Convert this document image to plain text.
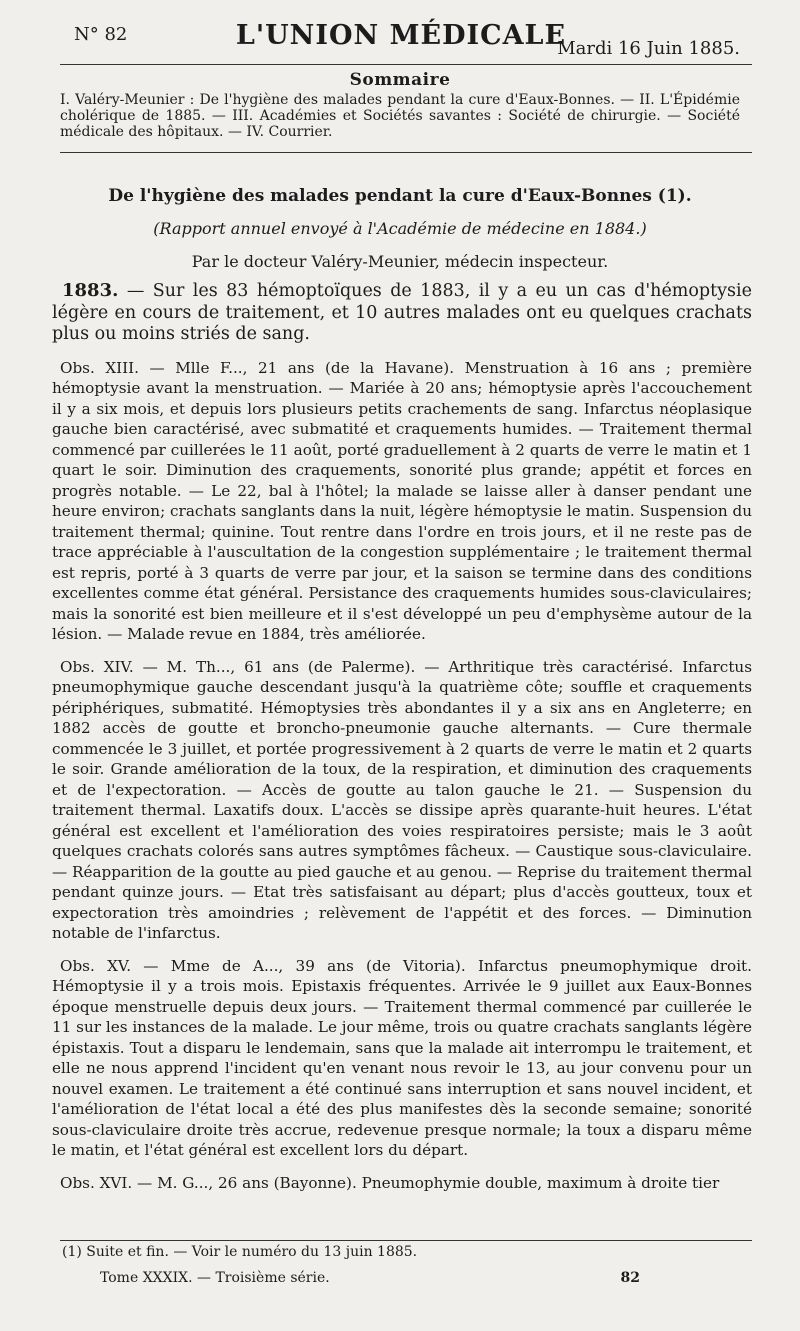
N° 82	L'UNION MÉDICALE
Mardi 16 Juin 1885.
Sommaire
I. Valéry-Meunier : De l'hygiène des malades pendant la cure d'Eaux-Bonnes. — II. L'Épidémie cholérique de 1885. — III. Académies et Sociétés savantes : Société de chirurgie. — Société médicale des hôpitaux. — IV. Courrier.
De l'hygiène des malades pendant la cure d'Eaux-Bonnes (1).
(Rapport annuel envoyé à l'Académie de médecine en 1884.)
Par le docteur Valéry-Meunier, médecin inspecteur.

1883. — Sur les 83 hémoptoïques de 1883, il y a eu un cas d'hémoptysie légère en cours de traitement, et 10 autres malades ont eu quelques crachats plus ou moins striés de sang.

Obs. XIII. — Mlle F..., 21 ans (de la Havane). Menstruation à 16 ans ; première hémoptysie avant la menstruation. — Mariée à 20 ans; hémoptysie après l'accouchement il y a six mois, et depuis lors plusieurs petits crachements de sang. Infarctus néoplasique gauche bien caractérisé, avec submatité et craquements humides. — Traitement thermal commencé par cuillerées le 11 août, porté graduellement à 2 quarts de verre le matin et 1 quart le soir. Diminution des craquements, sonorité plus grande; appétit et forces en progrès notable. — Le 22, bal à l'hôtel; la malade se laisse aller à danser pendant une heure environ; crachats sanglants dans la nuit, légère hémoptysie le matin. Suspension du traitement thermal; quinine. Tout rentre dans l'ordre en trois jours, et il ne reste pas de trace appréciable à l'auscultation de la congestion supplémentaire ; le traitement thermal est repris, porté à 3 quarts de verre par jour, et la saison se termine dans des conditions excellentes comme état général. Persistance des craquements humides sous-claviculaires; mais la sonorité est bien meilleure et il s'est développé un peu d'emphysème autour de la lésion. — Malade revue en 1884, très améliorée.

Obs. XIV. — M. Th..., 61 ans (de Palerme). — Arthritique très caractérisé. Infarctus pneumophymique gauche descendant jusqu'à la quatrième côte; souffle et craquements périphériques, submatité. Hémoptysies très abondantes il y a six ans en Angleterre; en 1882 accès de goutte et broncho-pneumonie gauche alternants. — Cure thermale commencée le 3 juillet, et portée progressivement à 2 quarts de verre le matin et 2 quarts le soir. Grande amélioration de la toux, de la respiration, et diminution des craquements et de l'expectoration. — Accès de goutte au talon gauche le 21. — Suspension du traitement thermal. Laxatifs doux. L'accès se dissipe après quarante-huit heures. L'état général est excellent et l'amélioration des voies respiratoires persiste; mais le 3 août quelques crachats colorés sans autres symptômes fâcheux. — Caustique sous-claviculaire. — Réapparition de la goutte au pied gauche et au genou. — Reprise du traitement thermal pendant quinze jours. — Etat très satisfaisant au départ; plus d'accès goutteux, toux et expectoration très amoindries ; relèvement de l'appétit et des forces. — Diminution notable de l'infarctus.

Obs. XV. — Mme de A..., 39 ans (de Vitoria). Infarctus pneumophymique droit. Hémoptysie il y a trois mois. Epistaxis fréquentes. Arrivée le 9 juillet aux Eaux-Bonnes époque menstruelle depuis deux jours. — Traitement thermal commencé par cuillerée le 11 sur les instances de la malade. Le jour même, trois ou quatre crachats sanglants légère épistaxis. Tout a disparu le lendemain, sans que la malade ait interrompu le traitement, et elle ne nous apprend l'incident qu'en venant nous revoir le 13, au jour convenu pour un nouvel examen. Le traitement a été continué sans interruption et sans nouvel incident, et l'amélioration de l'état local a été des plus manifestes dès la seconde semaine; sonorité sous-claviculaire droite très accrue, redevenue presque normale; la toux a disparu même le matin, et l'état général est excellent lors du départ.

Obs. XVI. — M. G..., 26 ans (Bayonne). Pneumophymie double, maximum à droite tier

(1) Suite et fin. — Voir le numéro du 13 juin 1885.
Tome XXXIX. — Troisième série.	82
